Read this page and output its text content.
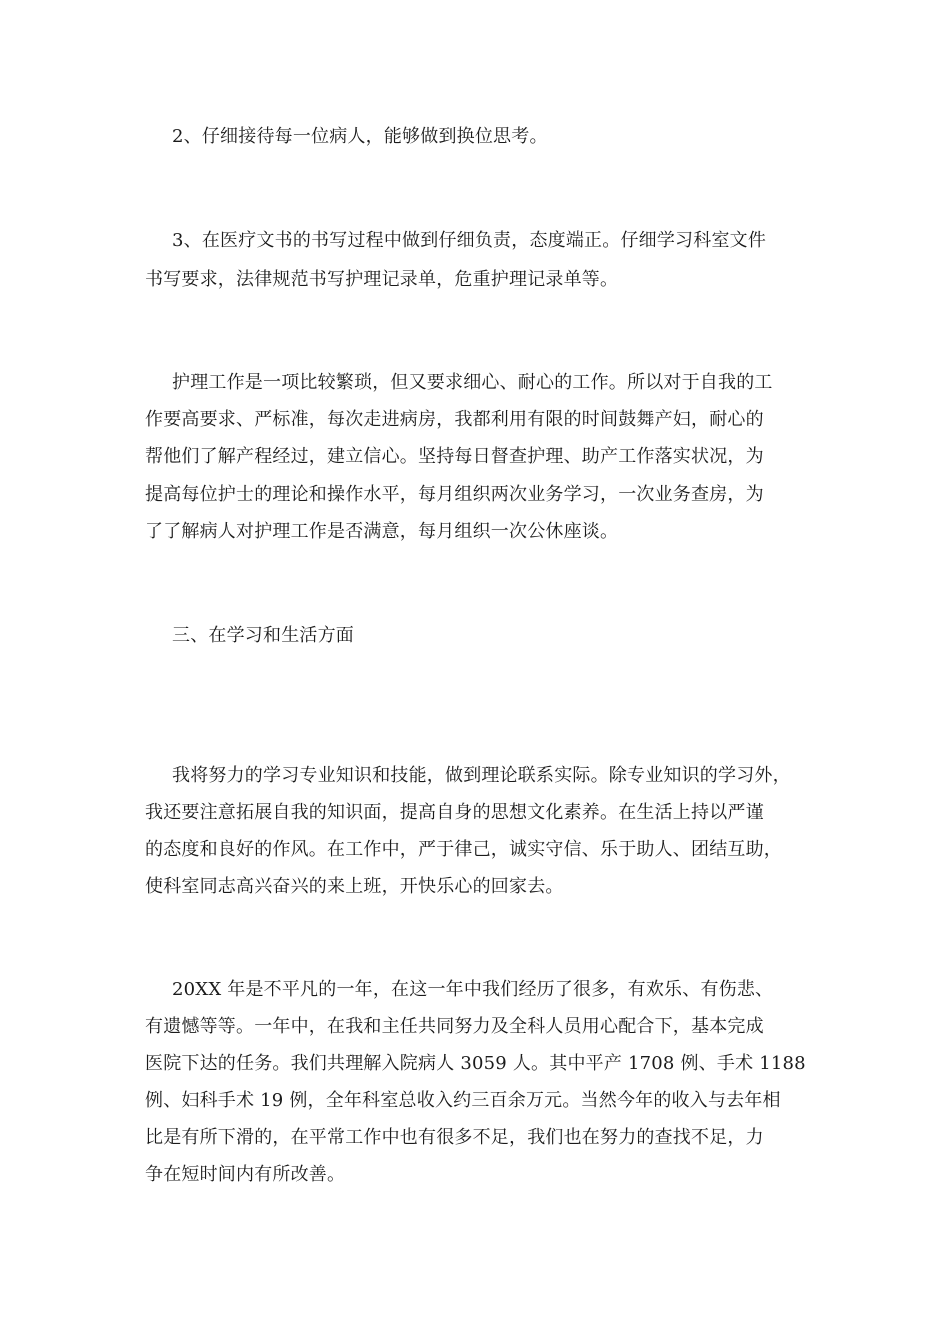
2、仔细接待每一位病人，能够做到换位思考。
3、在医疗文书的书写过程中做到仔细负责，态度端正。仔细学习科室文件
书写要求，法律规范书写护理记录单，危重护理记录单等。
护理工作是一项比较繁琐，但又要求细心、耐心的工作。所以对于自我的工
作要高要求、严标准，每次走进病房，我都利用有限的时间鼓舞产妇，耐心的
帮他们了解产程经过，建立信心。坚持每日督查护理、助产工作落实状况，为
提高每位护士的理论和操作水平，每月组织两次业务学习，一次业务查房，为
了了解病人对护理工作是否满意，每月组织一次公休座谈。
三、在学习和生活方面
我将努力的学习专业知识和技能，做到理论联系实际。除专业知识的学习外，
我还要注意拓展自我的知识面，提高自身的思想文化素养。在生活上持以严谨
的态度和良好的作风。在工作中，严于律己，诚实守信、乐于助人、团结互助，
使科室同志高兴奋兴的来上班，开快乐心的回家去。
20XX 年是不平凡的一年，在这一年中我们经历了很多，有欢乐、有伤悲、
有遗憾等等。一年中，在我和主任共同努力及全科人员用心配合下，基本完成
医院下达的任务。我们共理解入院病人 3059 人。其中平产 1708 例、手术 1188
例、妇科手术 19 例，全年科室总收入约三百余万元。当然今年的收入与去年相
比是有所下滑的，在平常工作中也有很多不足，我们也在努力的查找不足，力
争在短时间内有所改善。
